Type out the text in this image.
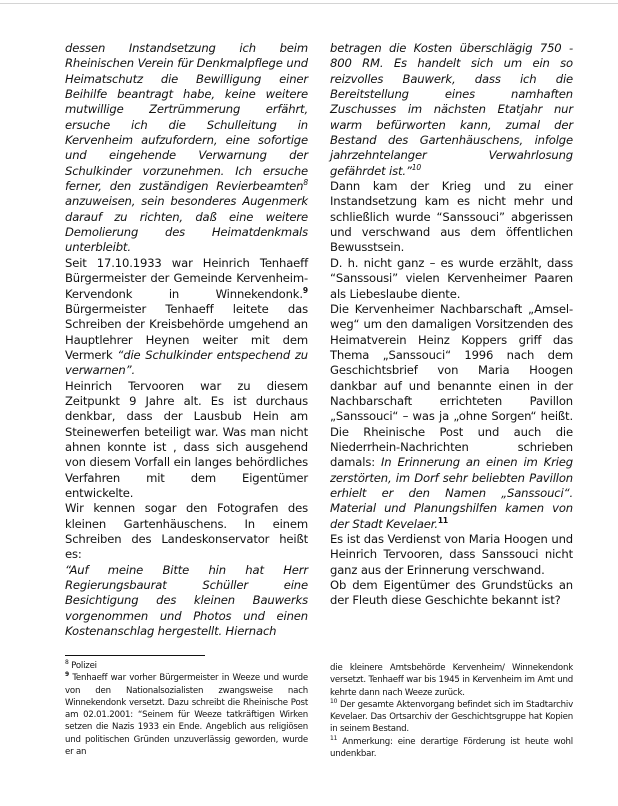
dessen Instandsetzung ich beim Rheinischen Verein für Denkmalpflege und Heimatschutz die Bewilligung einer Beihilfe beantragt habe, keine weitere mutwillige Zertrümmerung erfährt, ersuche ich die Schulleitung in Kervenheim aufzufordern, eine sofortige und eingehende Verwarnung der Schulkinder vorzunehmen. Ich ersuche ferner, den zuständigen Revierbeamten$^8$ anzuweisen, sein besonderes Augenmerk darauf zu richten, daß eine weitere Demolierung des Heimatdenkmals unterbleibt.

Seit 17.10.1933 war Heinrich Tenhaeff Bürgermeister der Gemeinde Kervenheim-Kervendonk in Winnekendonk.$^9$ Bürgermeister Tenhaeff leitete das Schreiben der Kreisbehörde umgehend an Hauptlehrer Heynen weiter mit dem Vermerk “die Schulkinder entspechend zu verwarnen”.

Heinrich Tervooren war zu diesem Zeitpunkt 9 Jahre alt. Es ist durchaus denkbar, dass der Lausbub Hein am Steinewerfen beteiligt war. Was man nicht ahnen konnte ist , dass sich ausgehend von diesem Vorfall ein langes behördliches Verfahren mit dem Eigentümer entwickelte.

Wir kennen sogar den Fotografen des kleinen Gartenhäuschens. In einem Schreiben des Landeskonservator heißt es:

“Auf meine Bitte hin hat Herr Regierungsbaurat Schüller eine Besichtigung des kleinen Bauwerks vorgenommen und Photos und einen Kostenanschlag hergestellt. Hiernach

betragen die Kosten überschlägig 750 - 800 RM. Es handelt sich um ein so reizvolles Bauwerk, dass ich die Bereitstellung eines namhaften Zuschusses im nächsten Etatjahr nur warm befürworten kann, zumal der Bestand des Gartenhäuschens, infolge jahrzehntelanger Verwahrlosung gefährdet ist.”$^{10}$

Dann kam der Krieg und zu einer Instandsetzung kam es nicht mehr und schließlich wurde “Sanssouci” abgerissen und verschwand aus dem öffentlichen Bewusstsein.

D. h. nicht ganz – es wurde erzählt, dass “Sanssousi” vielen Kervenheimer Paaren als Liebeslaube diente.

Die Kervenheimer Nachbarschaft „Amsel-weg“ um den damaligen Vorsitzenden des Heimatverein Heinz Koppers griff das Thema „Sanssouci“ 1996 nach dem Geschichtsbrief von Maria Hoogen dankbar auf und benannte einen in der Nachbarschaft errichteten Pavillon „Sanssouci“ – was ja „ohne Sorgen“ heißt. Die Rheinische Post und auch die Niederrhein-Nachrichten schrieben damals: In Erinnerung an einen im Krieg zerstörten, im Dorf sehr beliebten Pavillon erhielt er den Namen „Sanssouci“. Material und Planungshilfen kamen von der Stadt Kevelaer.$^{11}$

Es ist das Verdienst von Maria Hoogen und Heinrich Tervooren, dass Sanssouci nicht ganz aus der Erinnerung verschwand.

Ob dem Eigentümer des Grundstücks an der Fleuth diese Geschichte bekannt ist?

$^8$ Polizei

$^9$ Tenhaeff war vorher Bürgermeister in Weeze und wurde von den Nationalsozialisten zwangsweise nach Winnekendonk versetzt. Dazu schreibt die Rheinische Post am 02.01.2001: “Seinem für Weeze tatkräftigen Wirken setzen die Nazis 1933 ein Ende. Angeblich aus religiösen und politischen Gründen unzuverlässig geworden, wurde er an

die kleinere Amtsbehörde Kervenheim/ Winnekendonk versetzt. Tenhaeff war bis 1945 in Kervenheim im Amt und kehrte dann nach Weeze zurück.

$^{10}$ Der gesamte Aktenvorgang befindet sich im Stadtarchiv Kevelaer. Das Ortsarchiv der Geschichtsgruppe hat Kopien in seinem Bestand.

$^{11}$ Anmerkung: eine derartige Förderung ist heute wohl undenkbar.
